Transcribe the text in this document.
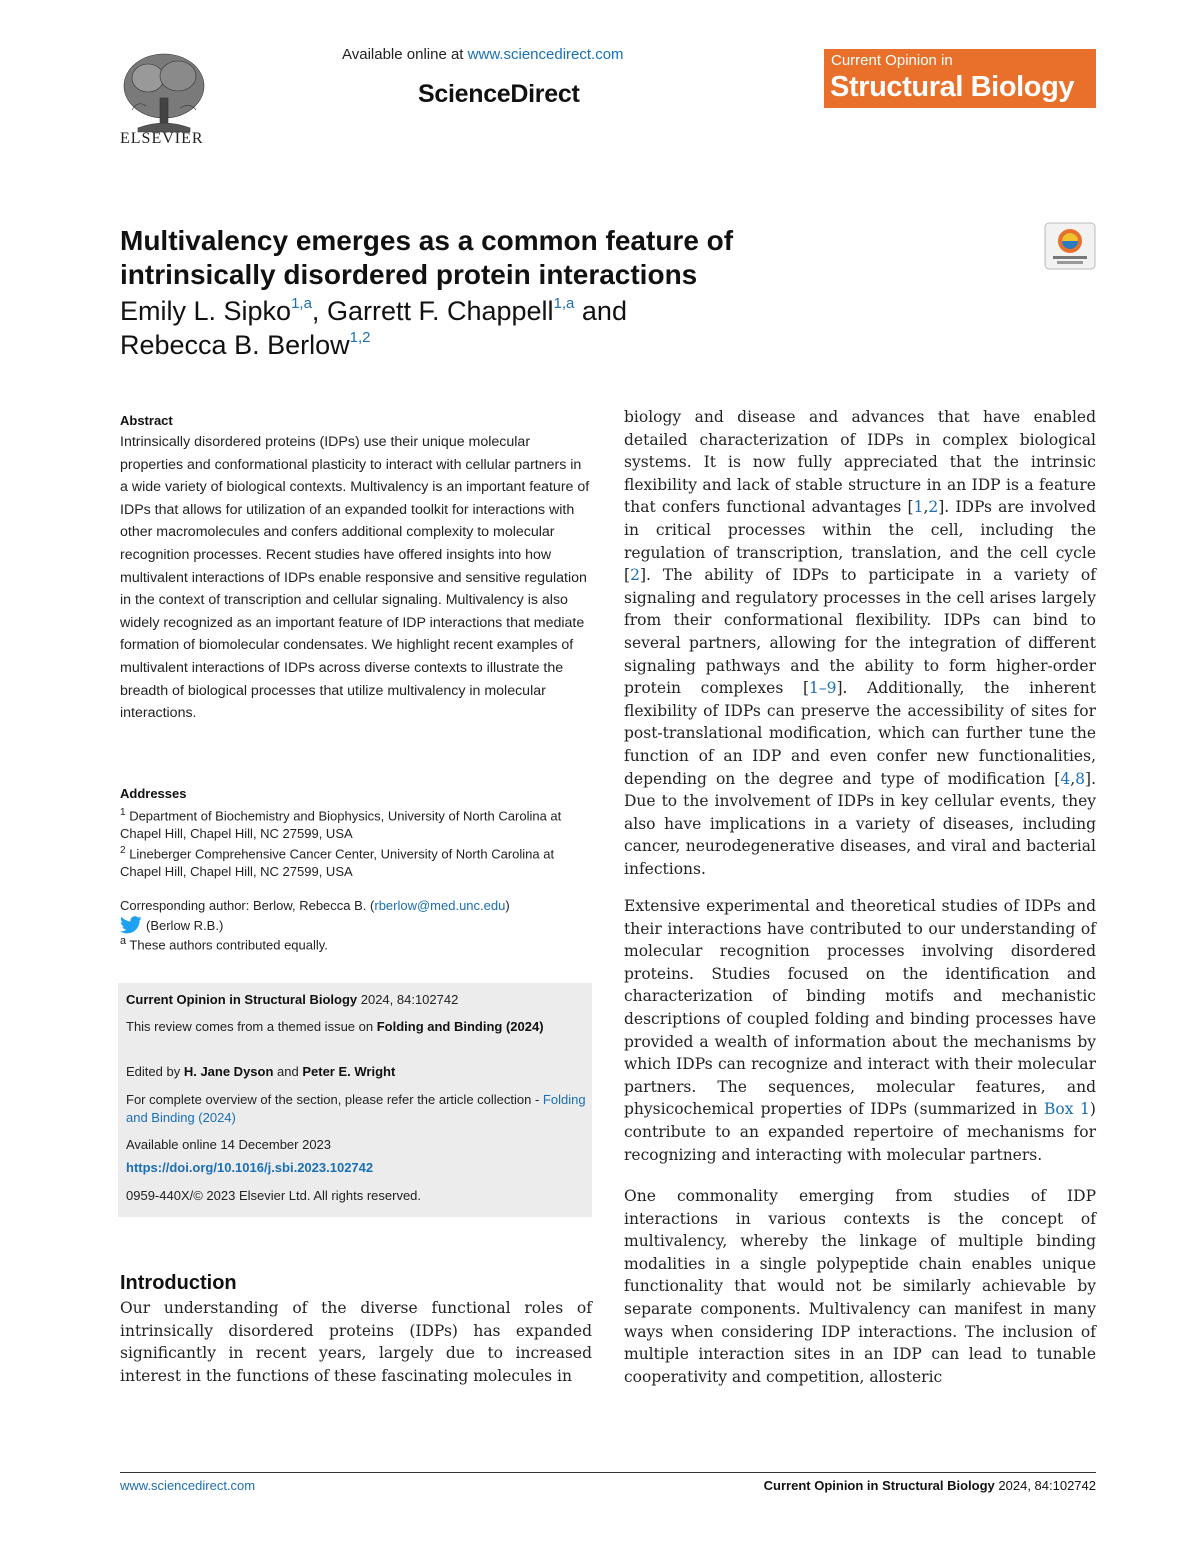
ELSEVIER
Available online at www.sciencedirect.com
ScienceDirect
Current Opinion in
Structural Biology
Multivalency emerges as a common feature of
intrinsically disordered protein interactions
Emily L. Sipko$^{1,a}$, Garrett F. Chappell$^{1,a}$ and
Rebecca B. Berlow$^{1,2}$
Abstract
Intrinsically disordered proteins (IDPs) use their unique molecular properties and conformational plasticity to interact with cellular partners in a wide variety of biological contexts. Multivalency is an important feature of IDPs that allows for utilization of an expanded toolkit for interactions with other macromolecules and confers additional complexity to molecular recognition processes. Recent studies have offered insights into how multivalent interactions of IDPs enable responsive and sensitive regulation in the context of transcription and cellular signaling. Multivalency is also widely recognized as an important feature of IDP interactions that mediate formation of biomolecular condensates. We highlight recent examples of multivalent interactions of IDPs across diverse contexts to illustrate the breadth of biological processes that utilize multivalency in molecular interactions.
Addresses
$^1$ Department of Biochemistry and Biophysics, University of North Carolina at Chapel Hill, Chapel Hill, NC 27599, USA
$^2$ Lineberger Comprehensive Cancer Center, University of North Carolina at Chapel Hill, Chapel Hill, NC 27599, USA
Corresponding author: Berlow, Rebecca B. (rberlow@med.unc.edu)
(Berlow R.B.)
$^a$ These authors contributed equally.
Current Opinion in Structural Biology 2024, 84:102742
This review comes from a themed issue on Folding and Binding (2024)
Edited by H. Jane Dyson and Peter E. Wright
For complete overview of the section, please refer the article collection - Folding and Binding (2024)
Available online 14 December 2023
https://doi.org/10.1016/j.sbi.2023.102742
0959-440X/© 2023 Elsevier Ltd. All rights reserved.
Introduction
Our understanding of the diverse functional roles of intrinsically disordered proteins (IDPs) has expanded significantly in recent years, largely due to increased interest in the functions of these fascinating molecules in
biology and disease and advances that have enabled detailed characterization of IDPs in complex biological systems. It is now fully appreciated that the intrinsic flexibility and lack of stable structure in an IDP is a feature that confers functional advantages [1,2]. IDPs are involved in critical processes within the cell, including the regulation of transcription, translation, and the cell cycle [2]. The ability of IDPs to participate in a variety of signaling and regulatory processes in the cell arises largely from their conformational flexibility. IDPs can bind to several partners, allowing for the integration of different signaling pathways and the ability to form higher-order protein complexes [1–9]. Additionally, the inherent flexibility of IDPs can preserve the accessibility of sites for post-translational modification, which can further tune the function of an IDP and even confer new functionalities, depending on the degree and type of modification [4,8]. Due to the involvement of IDPs in key cellular events, they also have implications in a variety of diseases, including cancer, neurodegenerative diseases, and viral and bacterial infections.
Extensive experimental and theoretical studies of IDPs and their interactions have contributed to our understanding of molecular recognition processes involving disordered proteins. Studies focused on the identification and characterization of binding motifs and mechanistic descriptions of coupled folding and binding processes have provided a wealth of information about the mechanisms by which IDPs can recognize and interact with their molecular partners. The sequences, molecular features, and physicochemical properties of IDPs (summarized in Box 1) contribute to an expanded repertoire of mechanisms for recognizing and interacting with molecular partners.
One commonality emerging from studies of IDP interactions in various contexts is the concept of multivalency, whereby the linkage of multiple binding modalities in a single polypeptide chain enables unique functionality that would not be similarly achievable by separate components. Multivalency can manifest in many ways when considering IDP interactions. The inclusion of multiple interaction sites in an IDP can lead to tunable cooperativity and competition, allosteric
www.sciencedirect.com	Current Opinion in Structural Biology 2024, 84:102742
